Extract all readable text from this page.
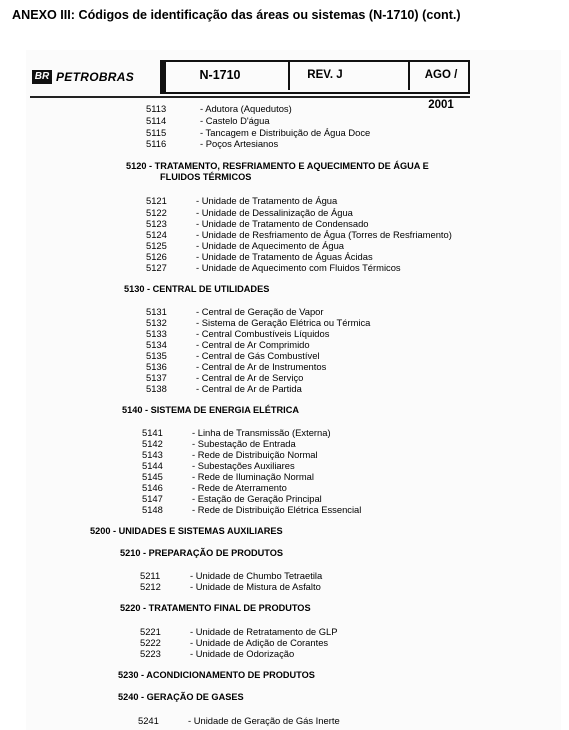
ANEXO III: Códigos de identificação das áreas ou sistemas (N-1710) (cont.)
BR PETROBRAS	N-1710	REV. J	AGO / 2001
5113	- Adutora (Aquedutos)
5114	- Castelo D'água
5115	- Tancagem e Distribuição de Água Doce
5116	- Poços Artesianos
5120 - TRATAMENTO, RESFRIAMENTO E AQUECIMENTO DE ÁGUA E
FLUIDOS TÉRMICOS
5121	- Unidade de Tratamento de Água
5122	- Unidade de Dessalinização de Água
5123	- Unidade de Tratamento de Condensado
5124	- Unidade de Resfriamento de Água (Torres de Resfriamento)
5125	- Unidade de Aquecimento de Água
5126	- Unidade de Tratamento de Águas Ácidas
5127	- Unidade de Aquecimento com Fluidos Térmicos
5130 - CENTRAL DE UTILIDADES
5131	- Central de Geração de Vapor
5132	- Sistema de Geração Elétrica ou Térmica
5133	- Central Combustíveis Líquidos
5134	- Central de Ar Comprimido
5135	- Central de Gás Combustível
5136	- Central de Ar de Instrumentos
5137	- Central de Ar de Serviço
5138	- Central de Ar de Partida
5140 - SISTEMA DE ENERGIA ELÉTRICA
5141	- Linha de Transmissão (Externa)
5142	- Subestação de Entrada
5143	- Rede de Distribuição Normal
5144	- Subestações Auxiliares
5145	- Rede de Iluminação Normal
5146	- Rede de Aterramento
5147	- Estação de Geração Principal
5148	- Rede de Distribuição Elétrica Essencial
5200 - UNIDADES E SISTEMAS AUXILIARES
5210 - PREPARAÇÃO DE PRODUTOS
5211	- Unidade de Chumbo Tetraetila
5212	- Unidade de Mistura de Asfalto
5220 - TRATAMENTO FINAL DE PRODUTOS
5221	- Unidade de Retratamento de GLP
5222	- Unidade de Adição de Corantes
5223	- Unidade de Odorização
5230 - ACONDICIONAMENTO DE PRODUTOS
5240 - GERAÇÃO DE GASES
5241	- Unidade de Geração de Gás Inerte
